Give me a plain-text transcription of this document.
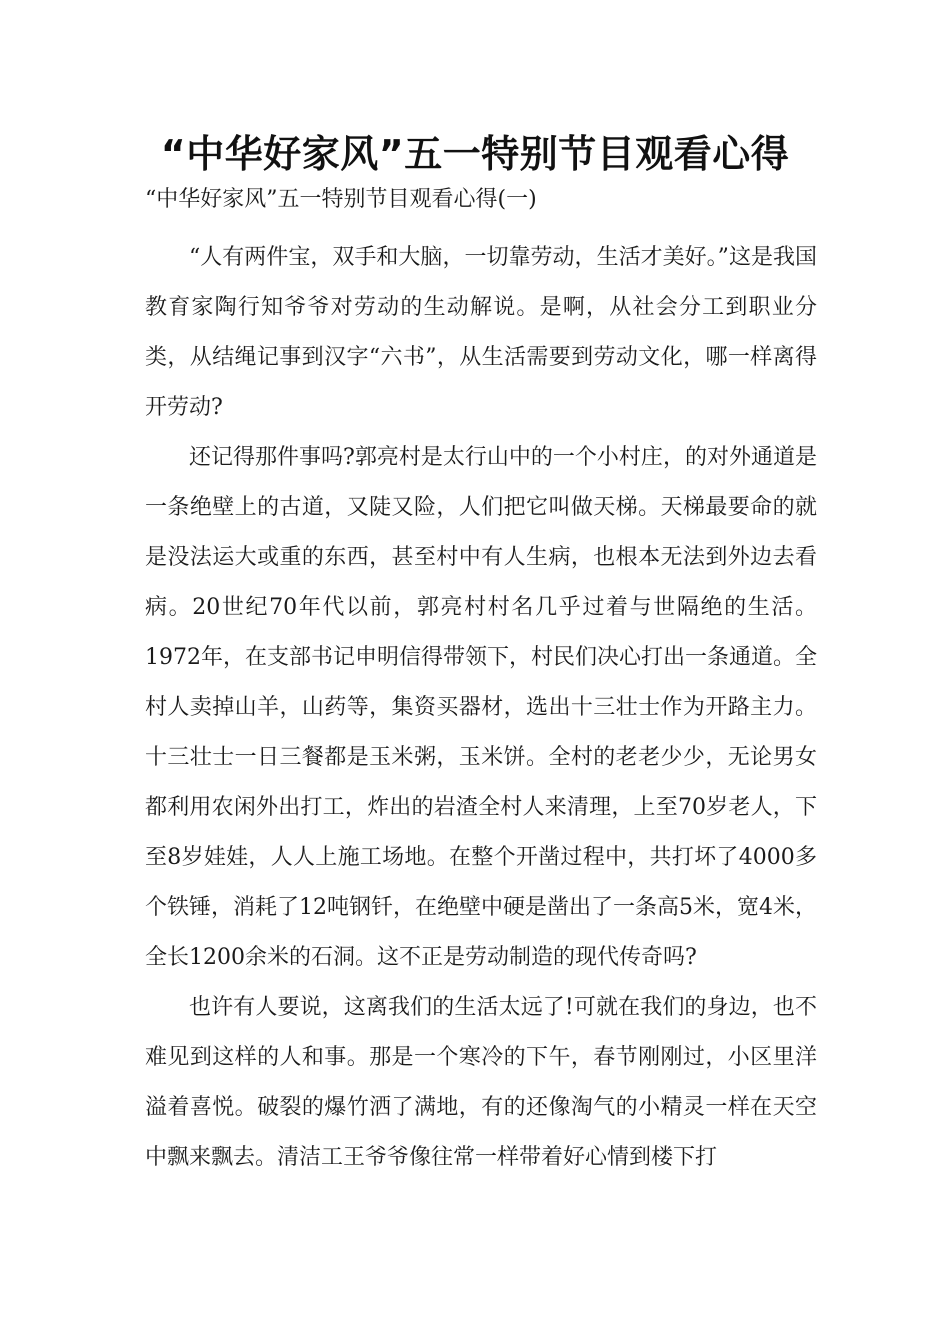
“中华好家风”五一特别节目观看心得

“中华好家风”五一特别节目观看心得(一)

“人有两件宝，双手和大脑，一切靠劳动，生活才美好。”这是我国教育家陶行知爷爷对劳动的生动解说。是啊，从社会分工到职业分类，从结绳记事到汉字“六书”，从生活需要到劳动文化，哪一样离得开劳动?

还记得那件事吗?郭亮村是太行山中的一个小村庄，的对外通道是一条绝壁上的古道，又陡又险，人们把它叫做天梯。天梯最要命的就是没法运大或重的东西，甚至村中有人生病，也根本无法到外边去看病。20世纪70年代以前，郭亮村村名几乎过着与世隔绝的生活。1972年，在支部书记申明信得带领下，村民们决心打出一条通道。全村人卖掉山羊，山药等，集资买器材，选出十三壮士作为开路主力。十三壮士一日三餐都是玉米粥，玉米饼。全村的老老少少，无论男女都利用农闲外出打工，炸出的岩渣全村人来清理，上至70岁老人，下至8岁娃娃，人人上施工场地。在整个开凿过程中，共打坏了4000多个铁锤，消耗了12吨钢钎，在绝壁中硬是凿出了一条高5米，宽4米，全长1200余米的石洞。这不正是劳动制造的现代传奇吗?

也许有人要说，这离我们的生活太远了!可就在我们的身边，也不难见到这样的人和事。那是一个寒冷的下午，春节刚刚过，小区里洋溢着喜悦。破裂的爆竹洒了满地，有的还像淘气的小精灵一样在天空中飘来飘去。清洁工王爷爷像往常一样带着好心情到楼下打
